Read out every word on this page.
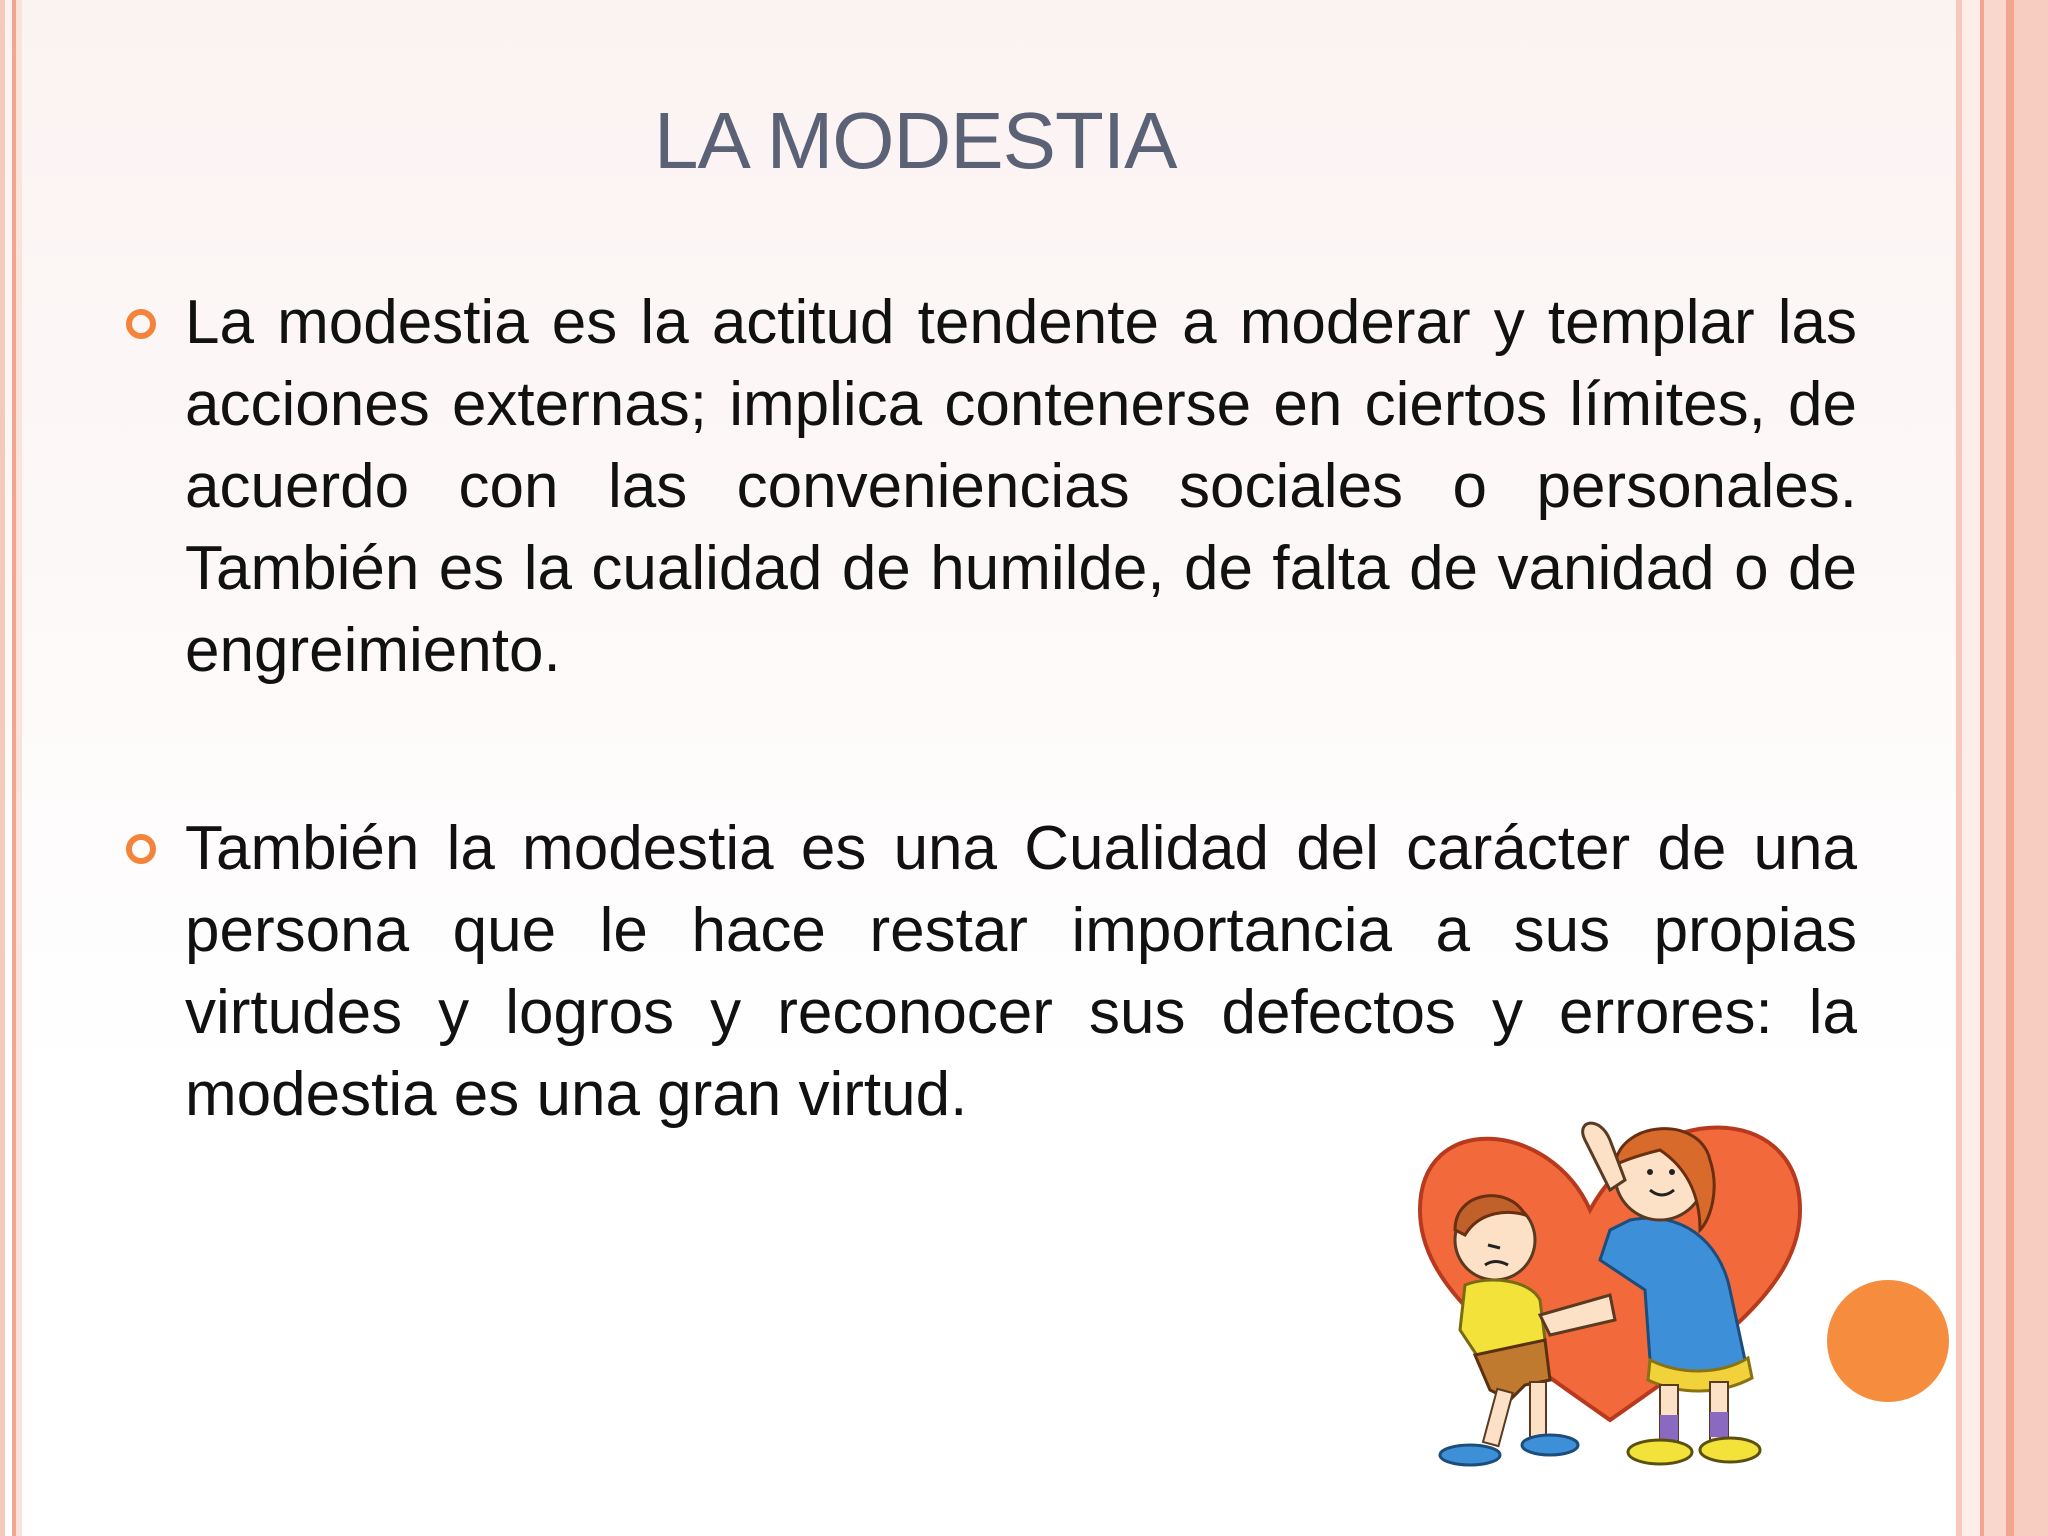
LA MODESTIA

La modestia es la actitud tendente a moderar y templar las acciones externas; implica contenerse en ciertos límites, de acuerdo con las conveniencias sociales o personales. También es la cualidad de humilde, de falta de vanidad o de engreimiento.

También la modestia es una Cualidad del carácter de una persona que le hace restar importancia a sus propias virtudes y logros y reconocer sus defectos y errores: la modestia es una gran virtud.
